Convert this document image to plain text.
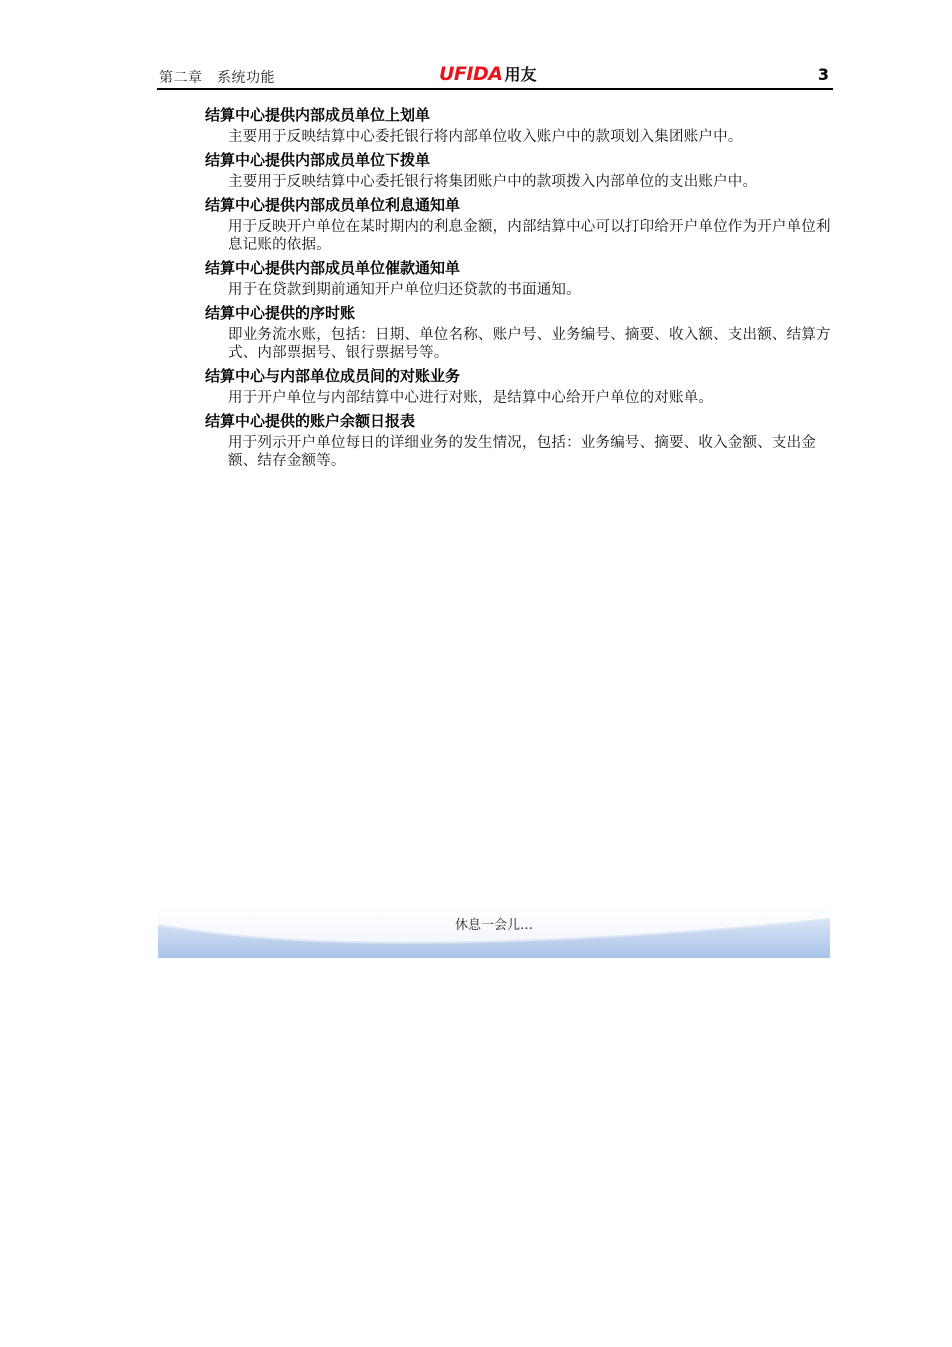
第二章　系统功能	UFIDA 用友	3
结算中心提供内部成员单位上划单

主要用于反映结算中心委托银行将内部单位收入账户中的款项划入集团账户中。

结算中心提供内部成员单位下拨单

主要用于反映结算中心委托银行将集团账户中的款项拨入内部单位的支出账户中。

结算中心提供内部成员单位利息通知单

用于反映开户单位在某时期内的利息金额，内部结算中心可以打印给开户单位作为开户单位利息记账的依据。

结算中心提供内部成员单位催款通知单

用于在贷款到期前通知开户单位归还贷款的书面通知。

结算中心提供的序时账

即业务流水账，包括：日期、单位名称、账户号、业务编号、摘要、收入额、支出额、结算方式、内部票据号、银行票据号等。

结算中心与内部单位成员间的对账业务

用于开户单位与内部结算中心进行对账，是结算中心给开户单位的对账单。

结算中心提供的账户余额日报表

用于列示开户单位每日的详细业务的发生情况，包括：业务编号、摘要、收入金额、支出金额、结存金额等。

休息一会儿…
